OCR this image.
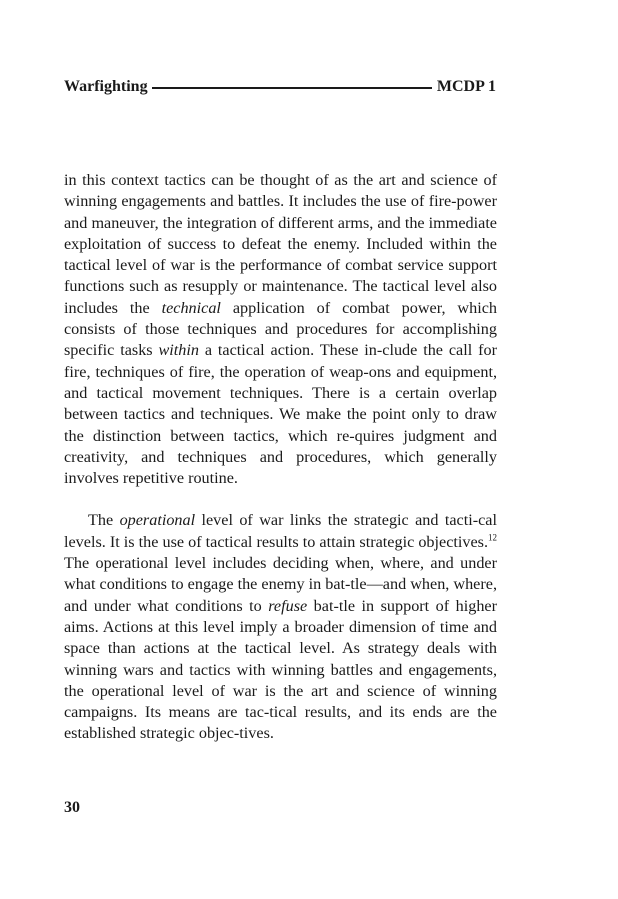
Warfighting	MCDP 1

in this context tactics can be thought of as the art and science of winning engagements and battles. It includes the use of fire-power and maneuver, the integration of different arms, and the immediate exploitation of success to defeat the enemy. Included within the tactical level of war is the performance of combat service support functions such as resupply or maintenance. The tactical level also includes the technical application of combat power, which consists of those techniques and procedures for accomplishing specific tasks within a tactical action. These in-clude the call for fire, techniques of fire, the operation of weap-ons and equipment, and tactical movement techniques. There is a certain overlap between tactics and techniques. We make the point only to draw the distinction between tactics, which re-quires judgment and creativity, and techniques and procedures, which generally involves repetitive routine.

The operational level of war links the strategic and tacti-cal levels. It is the use of tactical results to attain strategic objectives.$^{12}$ The operational level includes deciding when, where, and under what conditions to engage the enemy in bat-tle—and when, where, and under what conditions to refuse bat-tle in support of higher aims. Actions at this level imply a broader dimension of time and space than actions at the tactical level. As strategy deals with winning wars and tactics with winning battles and engagements, the operational level of war is the art and science of winning campaigns. Its means are tac-tical results, and its ends are the established strategic objec-tives.

30
